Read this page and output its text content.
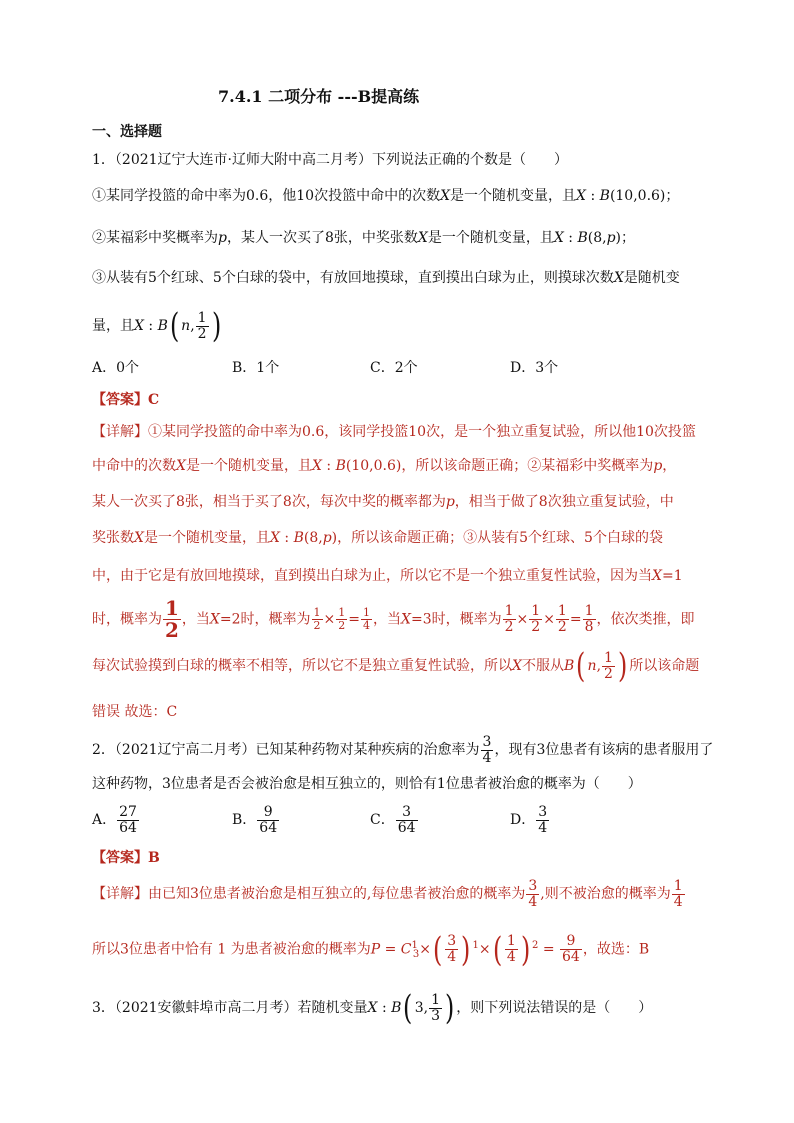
7.4.1 二项分布 ---B提高练
一、选择题
1．（2021辽宁大连市·辽师大附中高二月考）下列说法正确的个数是（　　）
①某同学投篮的命中率为0.6，他10次投篮中命中的次数X是一个随机变量，且X : B(10,0.6)；
②某福彩中奖概率为p，某人一次买了8张，中奖张数X是一个随机变量，且X : B(8,p)；
③从装有5个红球、5个白球的袋中，有放回地摸球，直到摸出白球为止，则摸球次数X是随机变
量，且X : B( n, $\frac{1}{2}$ )
A．0个	B．1个	C．2个	D．3个
【答案】C
【详解】①某同学投篮的命中率为0.6，该同学投篮10次，是一个独立重复试验，所以他10次投篮
中命中的次数X是一个随机变量，且X : B(10,0.6)，所以该命题正确；②某福彩中奖概率为p，
某人一次买了8张，相当于买了8次，每次中奖的概率都为p，相当于做了8次独立重复试验，中
奖张数X是一个随机变量，且X : B(8,p)，所以该命题正确；③从装有5个红球、5个白球的袋
中，由于它是有放回地摸球，直到摸出白球为止，所以它不是一个独立重复性试验，因为当X=1
时，概率为 $\frac{1}{2}$ ，当X=2时，概率为 $\frac{1}{2} \times \frac{1}{2} = \frac{1}{4}$ ，当X=3时，概率为 $\frac{1}{2} \times \frac{1}{2} \times \frac{1}{2} = \frac{1}{8}$ ，依次类推，即
每次试验摸到白球的概率不相等，所以它不是独立重复性试验，所以X不服从B( n, $\frac{1}{2}$ ) 所以该命题
错误 故选：C
2．（2021辽宁高二月考）已知某种药物对某种疾病的治愈率为 $\frac{3}{4}$ ，现有3位患者有该病的患者服用了
这种药物，3位患者是否会被治愈是相互独立的，则恰有1位患者被治愈的概率为（　　）
A． $\frac{27}{64}$	B． $\frac{9}{64}$	C． $\frac{3}{64}$	D． $\frac{3}{4}$
【答案】B
【详解】由已知3位患者被治愈是相互独立的,每位患者被治愈的概率为 $\frac{3}{4}$ ,则不被治愈的概率为 $\frac{1}{4}$
所以3位患者中恰有 1 为患者被治愈的概率为$P = C^1_3\times( \frac{3}{4}$ ) $^1\times( \frac{1}{4}$ ) $^2 = \frac{9}{64}$ ，故选：B
3．（2021安徽蚌埠市高二月考）若随机变量X : B( 3, $\frac{1}{3}$ ) ，则下列说法错误的是（　　）
